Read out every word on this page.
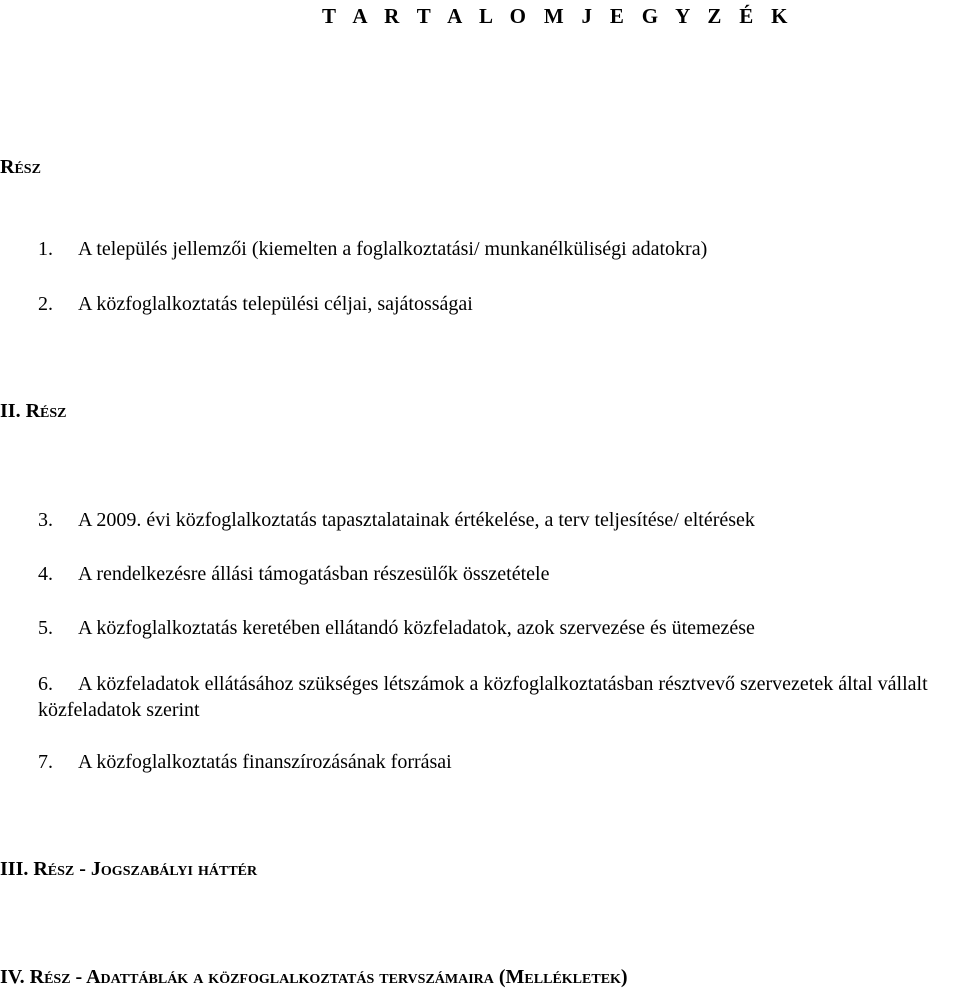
T A R T A L O M J E G Y Z É K
Rész
1. A település jellemzői (kiemelten a foglalkoztatási/ munkanélküliségi adatokra)
2. A közfoglalkoztatás települési céljai, sajátosságai
II. Rész
3. A 2009. évi közfoglalkoztatás tapasztalatainak értékelése, a terv teljesítése/ eltérések
4. A rendelkezésre állási támogatásban részesülők összetétele
5. A közfoglalkoztatás keretében ellátandó közfeladatok, azok szervezése és ütemezése
6. A közfeladatok ellátásához szükséges létszámok a közfoglalkoztatásban résztvevő szervezetek által vállalt közfeladatok szerint
7. A közfoglalkoztatás finanszírozásának forrásai
III. Rész - Jogszabályi háttér
IV. Rész - Adattáblák a közfoglalkoztatás tervszámaira (Mellékletek)
